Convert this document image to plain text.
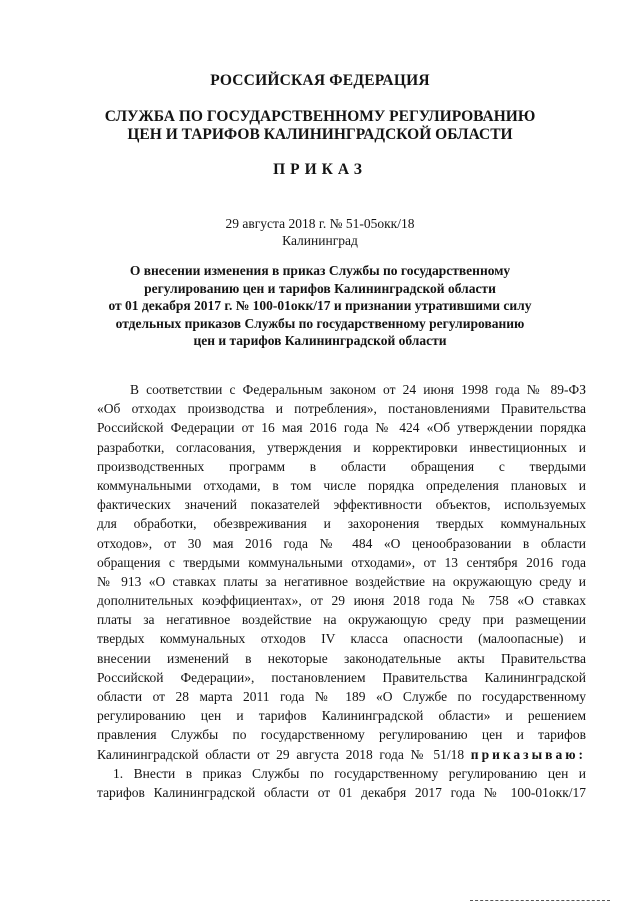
РОССИЙСКАЯ ФЕДЕРАЦИЯ
СЛУЖБА ПО ГОСУДАРСТВЕННОМУ РЕГУЛИРОВАНИЮ
ЦЕН И ТАРИФОВ КАЛИНИНГРАДСКОЙ ОБЛАСТИ
ПРИКАЗ
29 августа 2018 г. № 51-05окк/18
Калининград
О внесении изменения в приказ Службы по государственному
регулированию цен и тарифов Калининградской области
от 01 декабря 2017 г. № 100-01окк/17 и признании утратившими силу
отдельных приказов Службы по государственному регулированию
цен и тарифов Калининградской области
В соответствии с Федеральным законом от 24 июня 1998 года № 89-ФЗ
«Об отходах производства и потребления», постановлениями Правительства
Российской Федерации от 16 мая 2016 года № 424 «Об утверждении порядка
разработки, согласования, утверждения и корректировки инвестиционных и
производственных программ в области обращения с твердыми
коммунальными отходами, в том числе порядка определения плановых и
фактических значений показателей эффективности объектов, используемых
для обработки, обезвреживания и захоронения твердых коммунальных
отходов», от 30 мая 2016 года № 484 «О ценообразовании в области
обращения с твердыми коммунальными отходами», от 13 сентября 2016 года
№ 913 «О ставках платы за негативное воздействие на окружающую среду и
дополнительных коэффициентах», от 29 июня 2018 года № 758 «О ставках
платы за негативное воздействие на окружающую среду при размещении
твердых коммунальных отходов IV класса опасности (малоопасные) и
внесении изменений в некоторые законодательные акты Правительства
Российской Федерации», постановлением Правительства Калининградской
области от 28 марта 2011 года № 189 «О Службе по государственному
регулированию цен и тарифов Калининградской области» и решением
правления Службы по государственному регулированию цен и тарифов
Калининградской области от 29 августа 2018 года № 51/18 приказываю:
1. Внести в приказ Службы по государственному регулированию цен и
тарифов Калининградской области от 01 декабря 2017 года № 100-01окк/17
